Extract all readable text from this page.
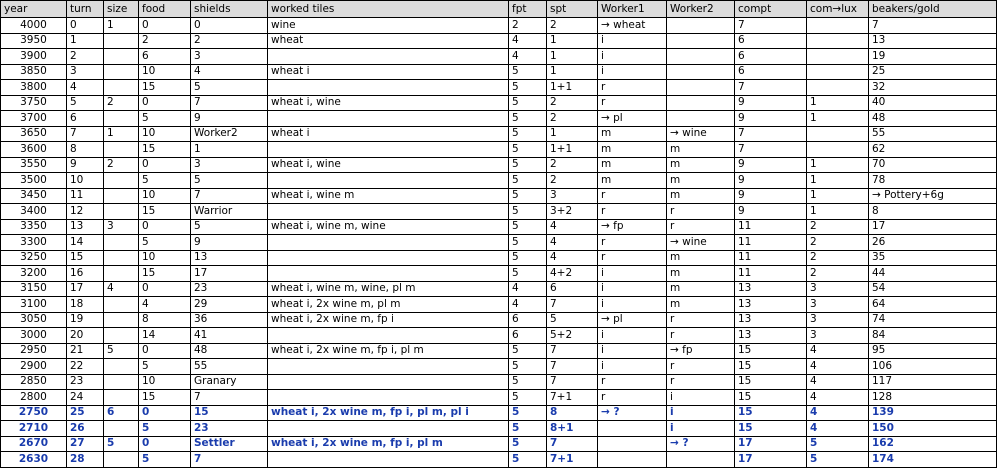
year	turn	size	food	shields	worked tiles	fpt	spt	Worker1	Worker2	compt	com→lux	beakers/gold
4000	0	1	0	0	wine	2	2	→ wheat		7		7
3950	1		2	2	wheat	4	1	i		6		13
3900	2		6	3		4	1	i		6		19
3850	3		10	4	wheat i	5	1	i		6		25
3800	4		15	5		5	1+1	r		7		32
3750	5	2	0	7	wheat i, wine	5	2	r		9	1	40
3700	6		5	9		5	2	→ pl		9	1	48
3650	7	1	10	Worker2	wheat i	5	1	m	→ wine	7		55
3600	8		15	1		5	1+1	m	m	7		62
3550	9	2	0	3	wheat i, wine	5	2	m	m	9	1	70
3500	10		5	5		5	2	m	m	9	1	78
3450	11		10	7	wheat i, wine m	5	3	r	m	9	1	→ Pottery+6g
3400	12		15	Warrior		5	3+2	r	r	9	1	8
3350	13	3	0	5	wheat i, wine m, wine	5	4	→ fp	r	11	2	17
3300	14		5	9		5	4	r	→ wine	11	2	26
3250	15		10	13		5	4	r	m	11	2	35
3200	16		15	17		5	4+2	i	m	11	2	44
3150	17	4	0	23	wheat i, wine m, wine, pl m	4	6	i	m	13	3	54
3100	18		4	29	wheat i, 2x wine m, pl m	4	7	i	m	13	3	64
3050	19		8	36	wheat i, 2x wine m, fp i	6	5	→ pl	r	13	3	74
3000	20		14	41		6	5+2	i	r	13	3	84
2950	21	5	0	48	wheat i, 2x wine m, fp i, pl m	5	7	i	→ fp	15	4	95
2900	22		5	55		5	7	i	r	15	4	106
2850	23		10	Granary		5	7	r	r	15	4	117
2800	24		15	7		5	7+1	r	i	15	4	128
2750	25	6	0	15	wheat i, 2x wine m, fp i, pl m, pl i	5	8	→ ?	i	15	4	139
2710	26		5	23		5	8+1		i	15	4	150
2670	27	5	0	Settler	wheat i, 2x wine m, fp i, pl m	5	7		→ ?	17	5	162
2630	28		5	7		5	7+1			17	5	174
